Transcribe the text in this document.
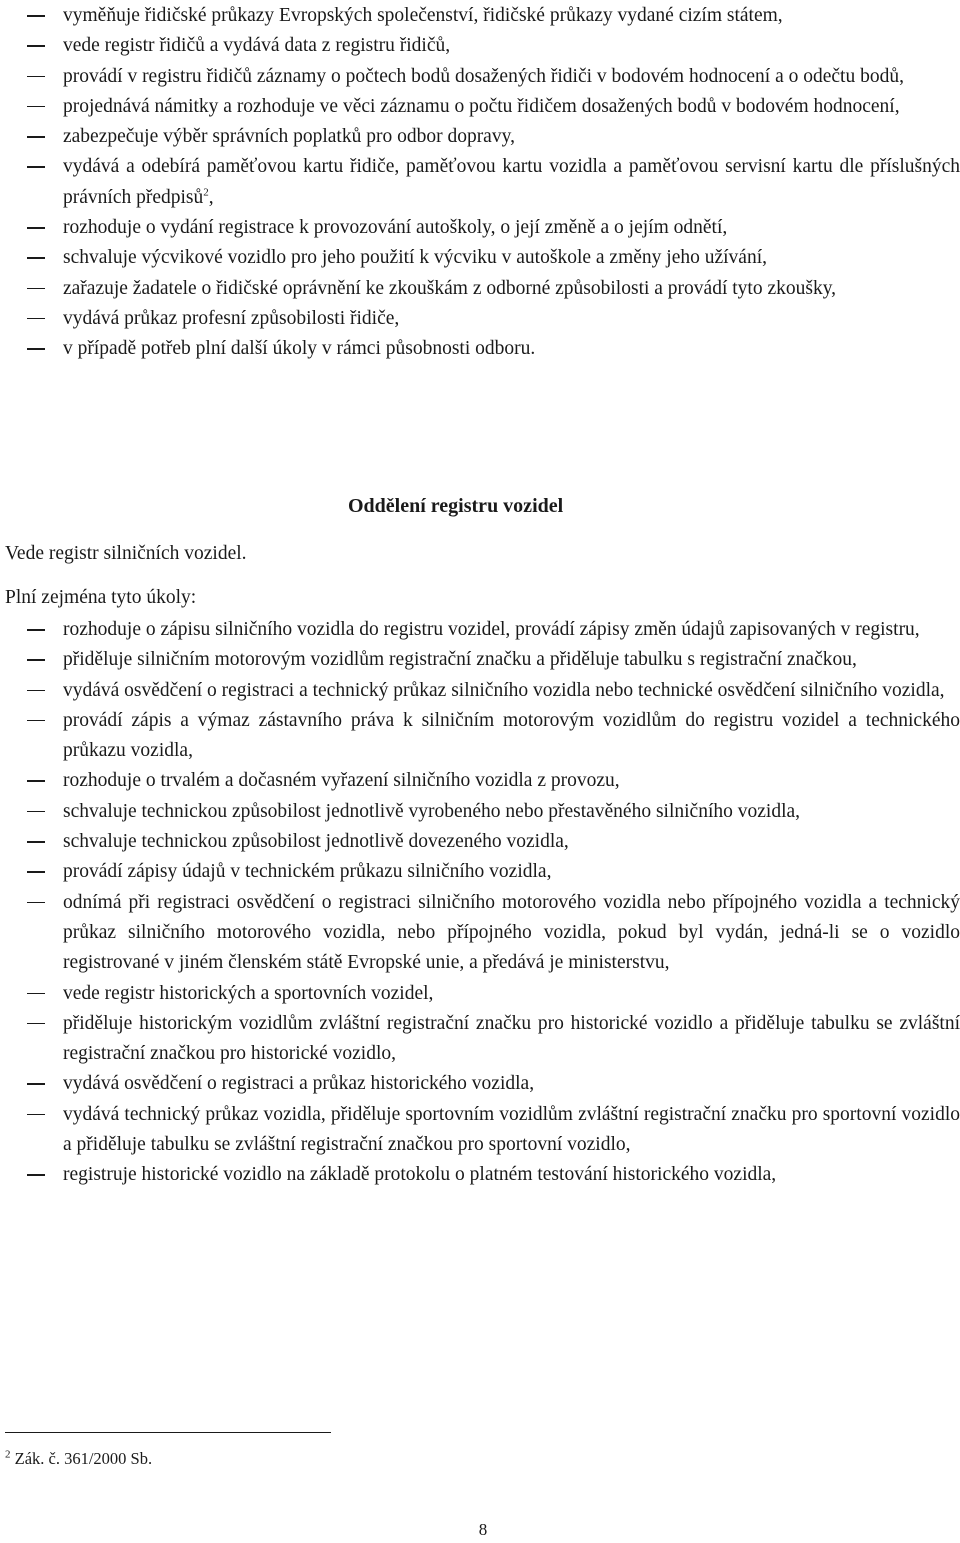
vyměňuje řidičské průkazy Evropských společenství, řidičské průkazy vydané cizím státem,
vede registr řidičů a vydává data z registru řidičů,
provádí v registru řidičů záznamy o počtech bodů dosažených řidiči v bodovém hodnocení a o odečtu bodů,
projednává námitky a rozhoduje ve věci záznamu o počtu řidičem dosažených bodů v bodovém hodnocení,
zabezpečuje výběr správních poplatků pro odbor dopravy,
vydává a odebírá paměťovou kartu řidiče, paměťovou kartu vozidla a paměťovou servisní kartu dle příslušných právních předpisů$^2$,
rozhoduje o vydání registrace k provozování autoškoly, o její změně a o jejím odnětí,
schvaluje výcvikové vozidlo pro jeho použití k výcviku v autoškole a změny jeho užívání,
zařazuje žadatele o řidičské oprávnění ke zkouškám z odborné způsobilosti a provádí tyto zkoušky,
vydává průkaz profesní způsobilosti řidiče,
v případě potřeb plní další úkoly v rámci působnosti odboru.
Oddělení registru vozidel

Vede registr silničních vozidel.

Plní zejména tyto úkoly:

rozhoduje o zápisu silničního vozidla do registru vozidel, provádí zápisy změn údajů zapisovaných v registru,
přiděluje silničním motorovým vozidlům registrační značku a přiděluje tabulku s registrační značkou,
vydává osvědčení o registraci a technický průkaz silničního vozidla nebo technické osvědčení silničního vozidla,
provádí zápis a výmaz zástavního práva k silničním motorovým vozidlům do registru vozidel a technického průkazu vozidla,
rozhoduje o trvalém a dočasném vyřazení silničního vozidla z provozu,
schvaluje technickou způsobilost jednotlivě vyrobeného nebo přestavěného silničního vozidla,
schvaluje technickou způsobilost jednotlivě dovezeného vozidla,
provádí zápisy údajů v technickém průkazu silničního vozidla,
odnímá při registraci osvědčení o registraci silničního motorového vozidla nebo přípojného vozidla a technický průkaz silničního motorového vozidla, nebo přípojného vozidla, pokud byl vydán, jedná-li se o vozidlo registrované v jiném členském státě Evropské unie, a předává je ministerstvu,
vede registr historických a sportovních vozidel,
přiděluje historickým vozidlům zvláštní registrační značku pro historické vozidlo a přiděluje tabulku se zvláštní registrační značkou pro historické vozidlo,
vydává osvědčení o registraci a průkaz historického vozidla,
vydává technický průkaz vozidla, přiděluje sportovním vozidlům zvláštní registrační značku pro sportovní vozidlo a přiděluje tabulku se zvláštní registrační značkou pro sportovní vozidlo,
registruje historické vozidlo na základě protokolu o platném testování historického vozidla,

$^2$ Zák. č. 361/2000 Sb.

8
